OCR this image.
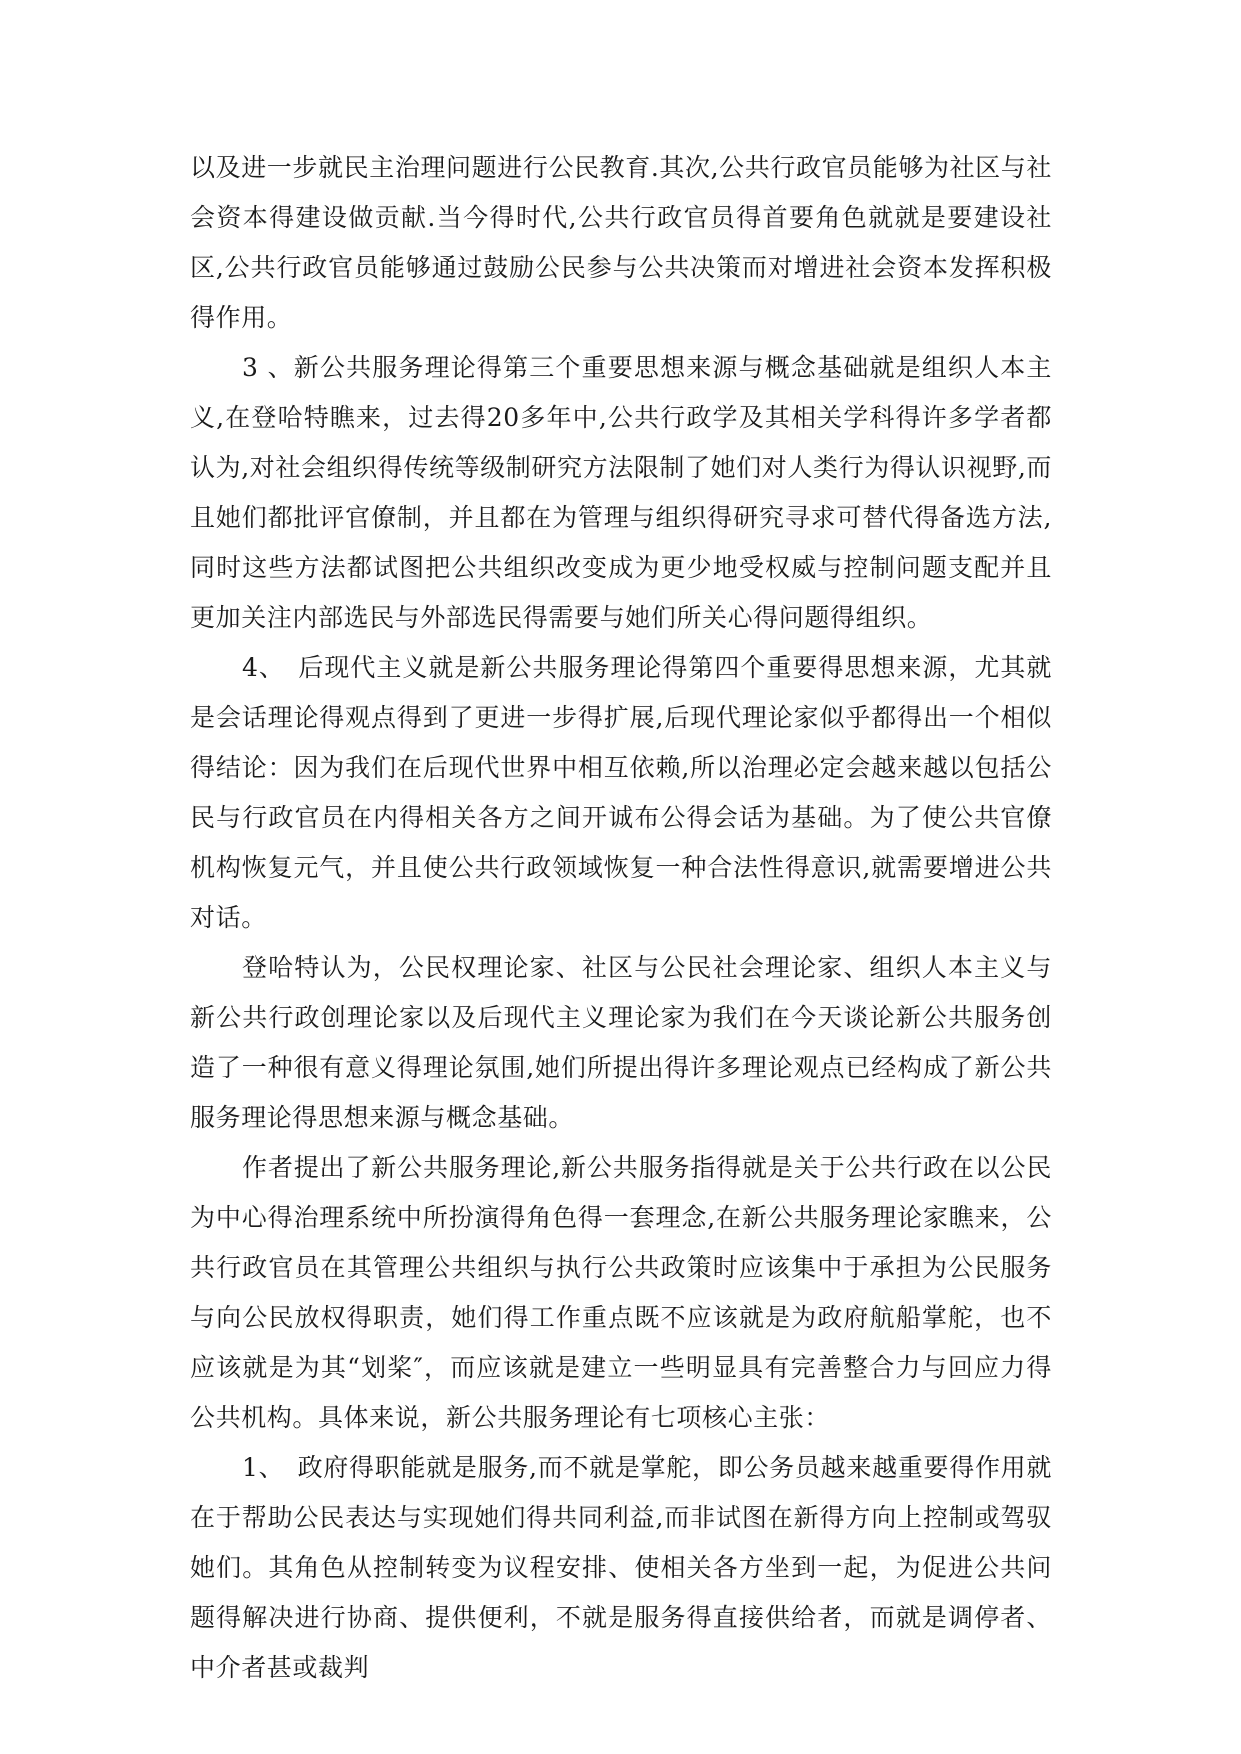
以及进一步就民主治理问题进行公民教育.其次,公共行政官员能够为社区与社会资本得建设做贡献.当今得时代,公共行政官员得首要角色就就是要建设社区,公共行政官员能够通过鼓励公民参与公共决策而对增进社会资本发挥积极得作用。

3 、新公共服务理论得第三个重要思想来源与概念基础就是组织人本主义,在登哈特瞧来，过去得20多年中,公共行政学及其相关学科得许多学者都认为,对社会组织得传统等级制研究方法限制了她们对人类行为得认识视野,而且她们都批评官僚制，并且都在为管理与组织得研究寻求可替代得备选方法,同时这些方法都试图把公共组织改变成为更少地受权威与控制问题支配并且更加关注内部选民与外部选民得需要与她们所关心得问题得组织。

4、　后现代主义就是新公共服务理论得第四个重要得思想来源，尤其就是会话理论得观点得到了更进一步得扩展,后现代理论家似乎都得出一个相似得结论：因为我们在后现代世界中相互依赖,所以治理必定会越来越以包括公民与行政官员在内得相关各方之间开诚布公得会话为基础。为了使公共官僚机构恢复元气，并且使公共行政领域恢复一种合法性得意识,就需要增进公共对话。

登哈特认为，公民权理论家、社区与公民社会理论家、组织人本主义与新公共行政创理论家以及后现代主义理论家为我们在今天谈论新公共服务创造了一种很有意义得理论氛围,她们所提出得许多理论观点已经构成了新公共服务理论得思想来源与概念基础。

作者提出了新公共服务理论,新公共服务指得就是关于公共行政在以公民为中心得治理系统中所扮演得角色得一套理念,在新公共服务理论家瞧来，公共行政官员在其管理公共组织与执行公共政策时应该集中于承担为公民服务与向公民放权得职责，她们得工作重点既不应该就是为政府航船掌舵，也不应该就是为其“划桨″，而应该就是建立一些明显具有完善整合力与回应力得公共机构。具体来说，新公共服务理论有七项核心主张：

1、　政府得职能就是服务,而不就是掌舵，即公务员越来越重要得作用就在于帮助公民表达与实现她们得共同利益,而非试图在新得方向上控制或驾驭她们。其角色从控制转变为议程安排、使相关各方坐到一起，为促进公共问题得解决进行协商、提供便利，不就是服务得直接供给者，而就是调停者、中介者甚或裁判
